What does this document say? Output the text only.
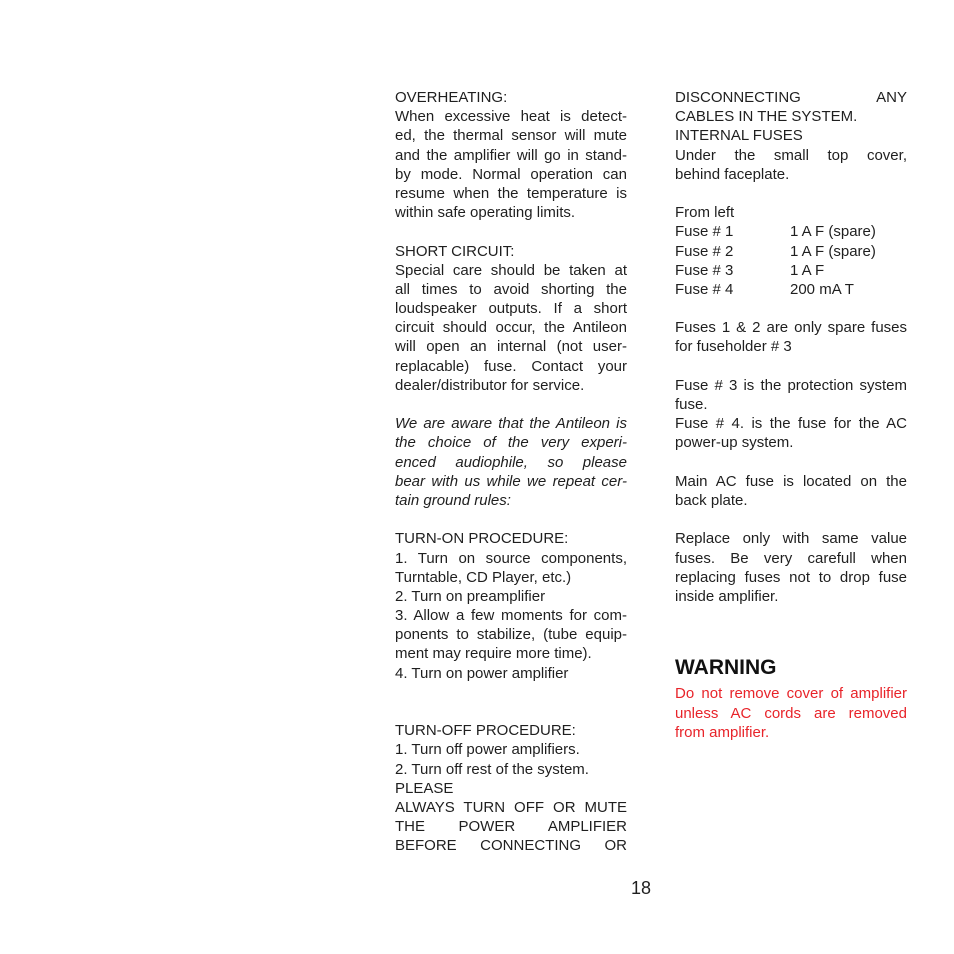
OVERHEATING:
When excessive heat is detect-
ed, the thermal sensor will mute
and the amplifier will go in stand-
by mode. Normal operation can
resume when the temperature is
within safe operating limits.
SHORT CIRCUIT:
Special care should be taken at
all times to avoid shorting the
loudspeaker outputs. If a short
circuit should occur, the Antileon
will open an internal (not user-
replacable) fuse. Contact your
dealer/distributor for service.
We are aware that the Antileon is
the choice of the very experi-
enced audiophile, so please
bear with us while we repeat cer-
tain ground rules:
TURN-ON PROCEDURE:
1. Turn on source components,
Turntable, CD Player, etc.)
2. Turn on preamplifier
3. Allow a few moments for com-
ponents to stabilize, (tube equip-
ment may require more time).
4. Turn on power amplifier
TURN-OFF PROCEDURE:
1. Turn off power amplifiers.
2. Turn off rest of the system.
PLEASE
ALWAYS TURN OFF OR MUTE
THE POWER AMPLIFIER
BEFORE CONNECTING OR
DISCONNECTING ANY
CABLES IN THE SYSTEM.
INTERNAL FUSES
Under the small top cover,
behind faceplate.
From left
Fuse # 1	1 A F (spare)
Fuse # 2	1 A F (spare)
Fuse # 3	1 A F
Fuse # 4	200 mA T
Fuses 1 & 2 are only spare fuses
for fuseholder # 3
Fuse # 3 is the protection system
fuse.
Fuse # 4. is the fuse for the AC
power-up system.
Main AC fuse is located on the
back plate.
Replace only with same value
fuses. Be very carefull when
replacing fuses not to drop fuse
inside amplifier.
WARNING
Do not remove cover of amplifier
unless AC cords are removed
from amplifier.
18
